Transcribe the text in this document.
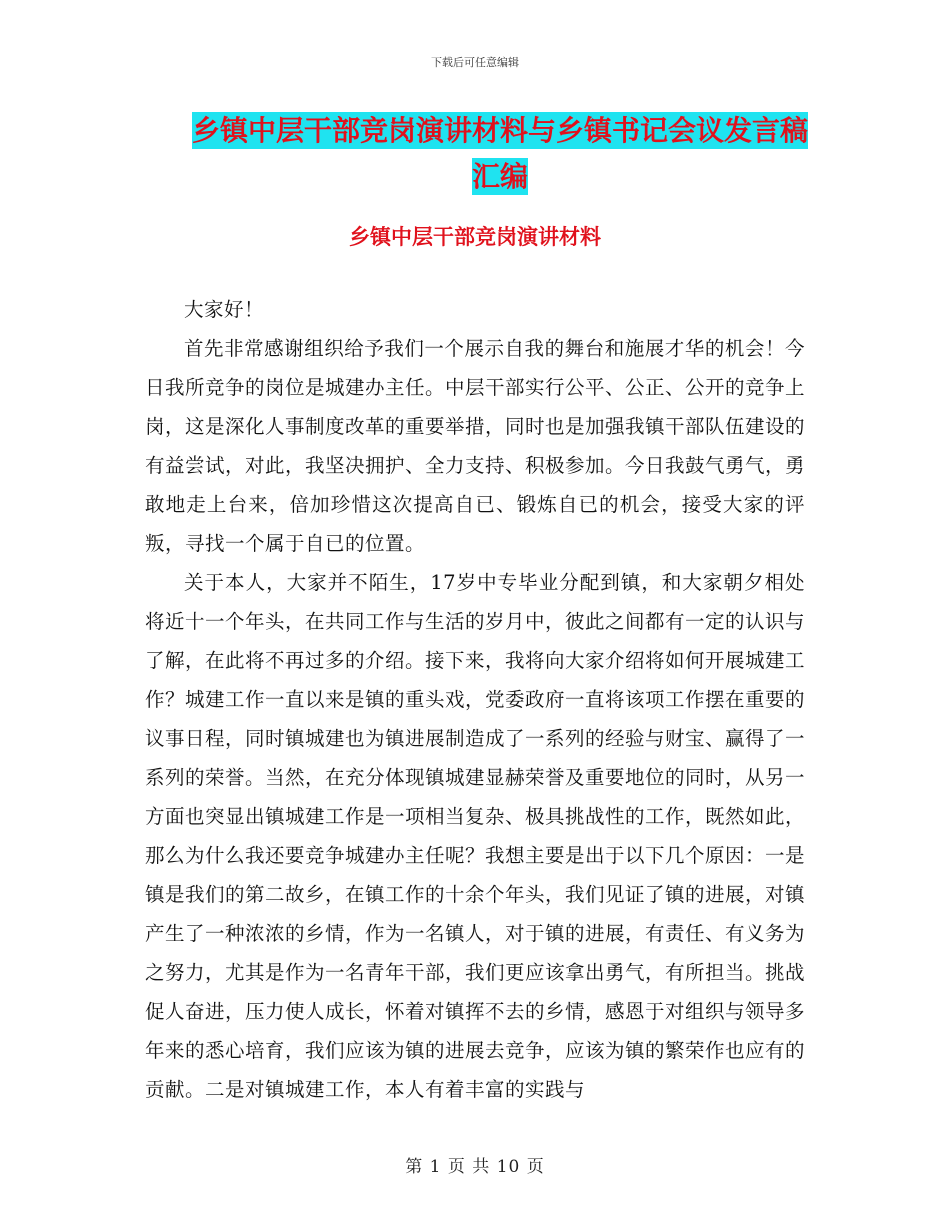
下载后可任意编辑
乡镇中层干部竞岗演讲材料与乡镇书记会议发言稿汇编
乡镇中层干部竞岗演讲材料

大家好！

首先非常感谢组织给予我们一个展示自我的舞台和施展才华的机会！今日我所竞争的岗位是城建办主任。中层干部实行公平、公正、公开的竞争上岗，这是深化人事制度改革的重要举措，同时也是加强我镇干部队伍建设的有益尝试，对此，我坚决拥护、全力支持、积极参加。今日我鼓气勇气，勇敢地走上台来，倍加珍惜这次提高自已、锻炼自已的机会，接受大家的评叛，寻找一个属于自已的位置。

关于本人，大家并不陌生，17岁中专毕业分配到镇，和大家朝夕相处将近十一个年头，在共同工作与生活的岁月中，彼此之间都有一定的认识与了解，在此将不再过多的介绍。接下来，我将向大家介绍将如何开展城建工作？城建工作一直以来是镇的重头戏，党委政府一直将该项工作摆在重要的议事日程，同时镇城建也为镇进展制造成了一系列的经验与财宝、赢得了一系列的荣誉。当然，在充分体现镇城建显赫荣誉及重要地位的同时，从另一方面也突显出镇城建工作是一项相当复杂、极具挑战性的工作，既然如此，那么为什么我还要竞争城建办主任呢？我想主要是出于以下几个原因：一是镇是我们的第二故乡，在镇工作的十余个年头，我们见证了镇的进展，对镇产生了一种浓浓的乡情，作为一名镇人，对于镇的进展，有责任、有义务为之努力，尤其是作为一名青年干部，我们更应该拿出勇气，有所担当。挑战促人奋进，压力使人成长，怀着对镇挥不去的乡情，感恩于对组织与领导多年来的悉心培育，我们应该为镇的进展去竞争，应该为镇的繁荣作也应有的贡献。二是对镇城建工作，本人有着丰富的实践与

第 1 页 共 10 页
